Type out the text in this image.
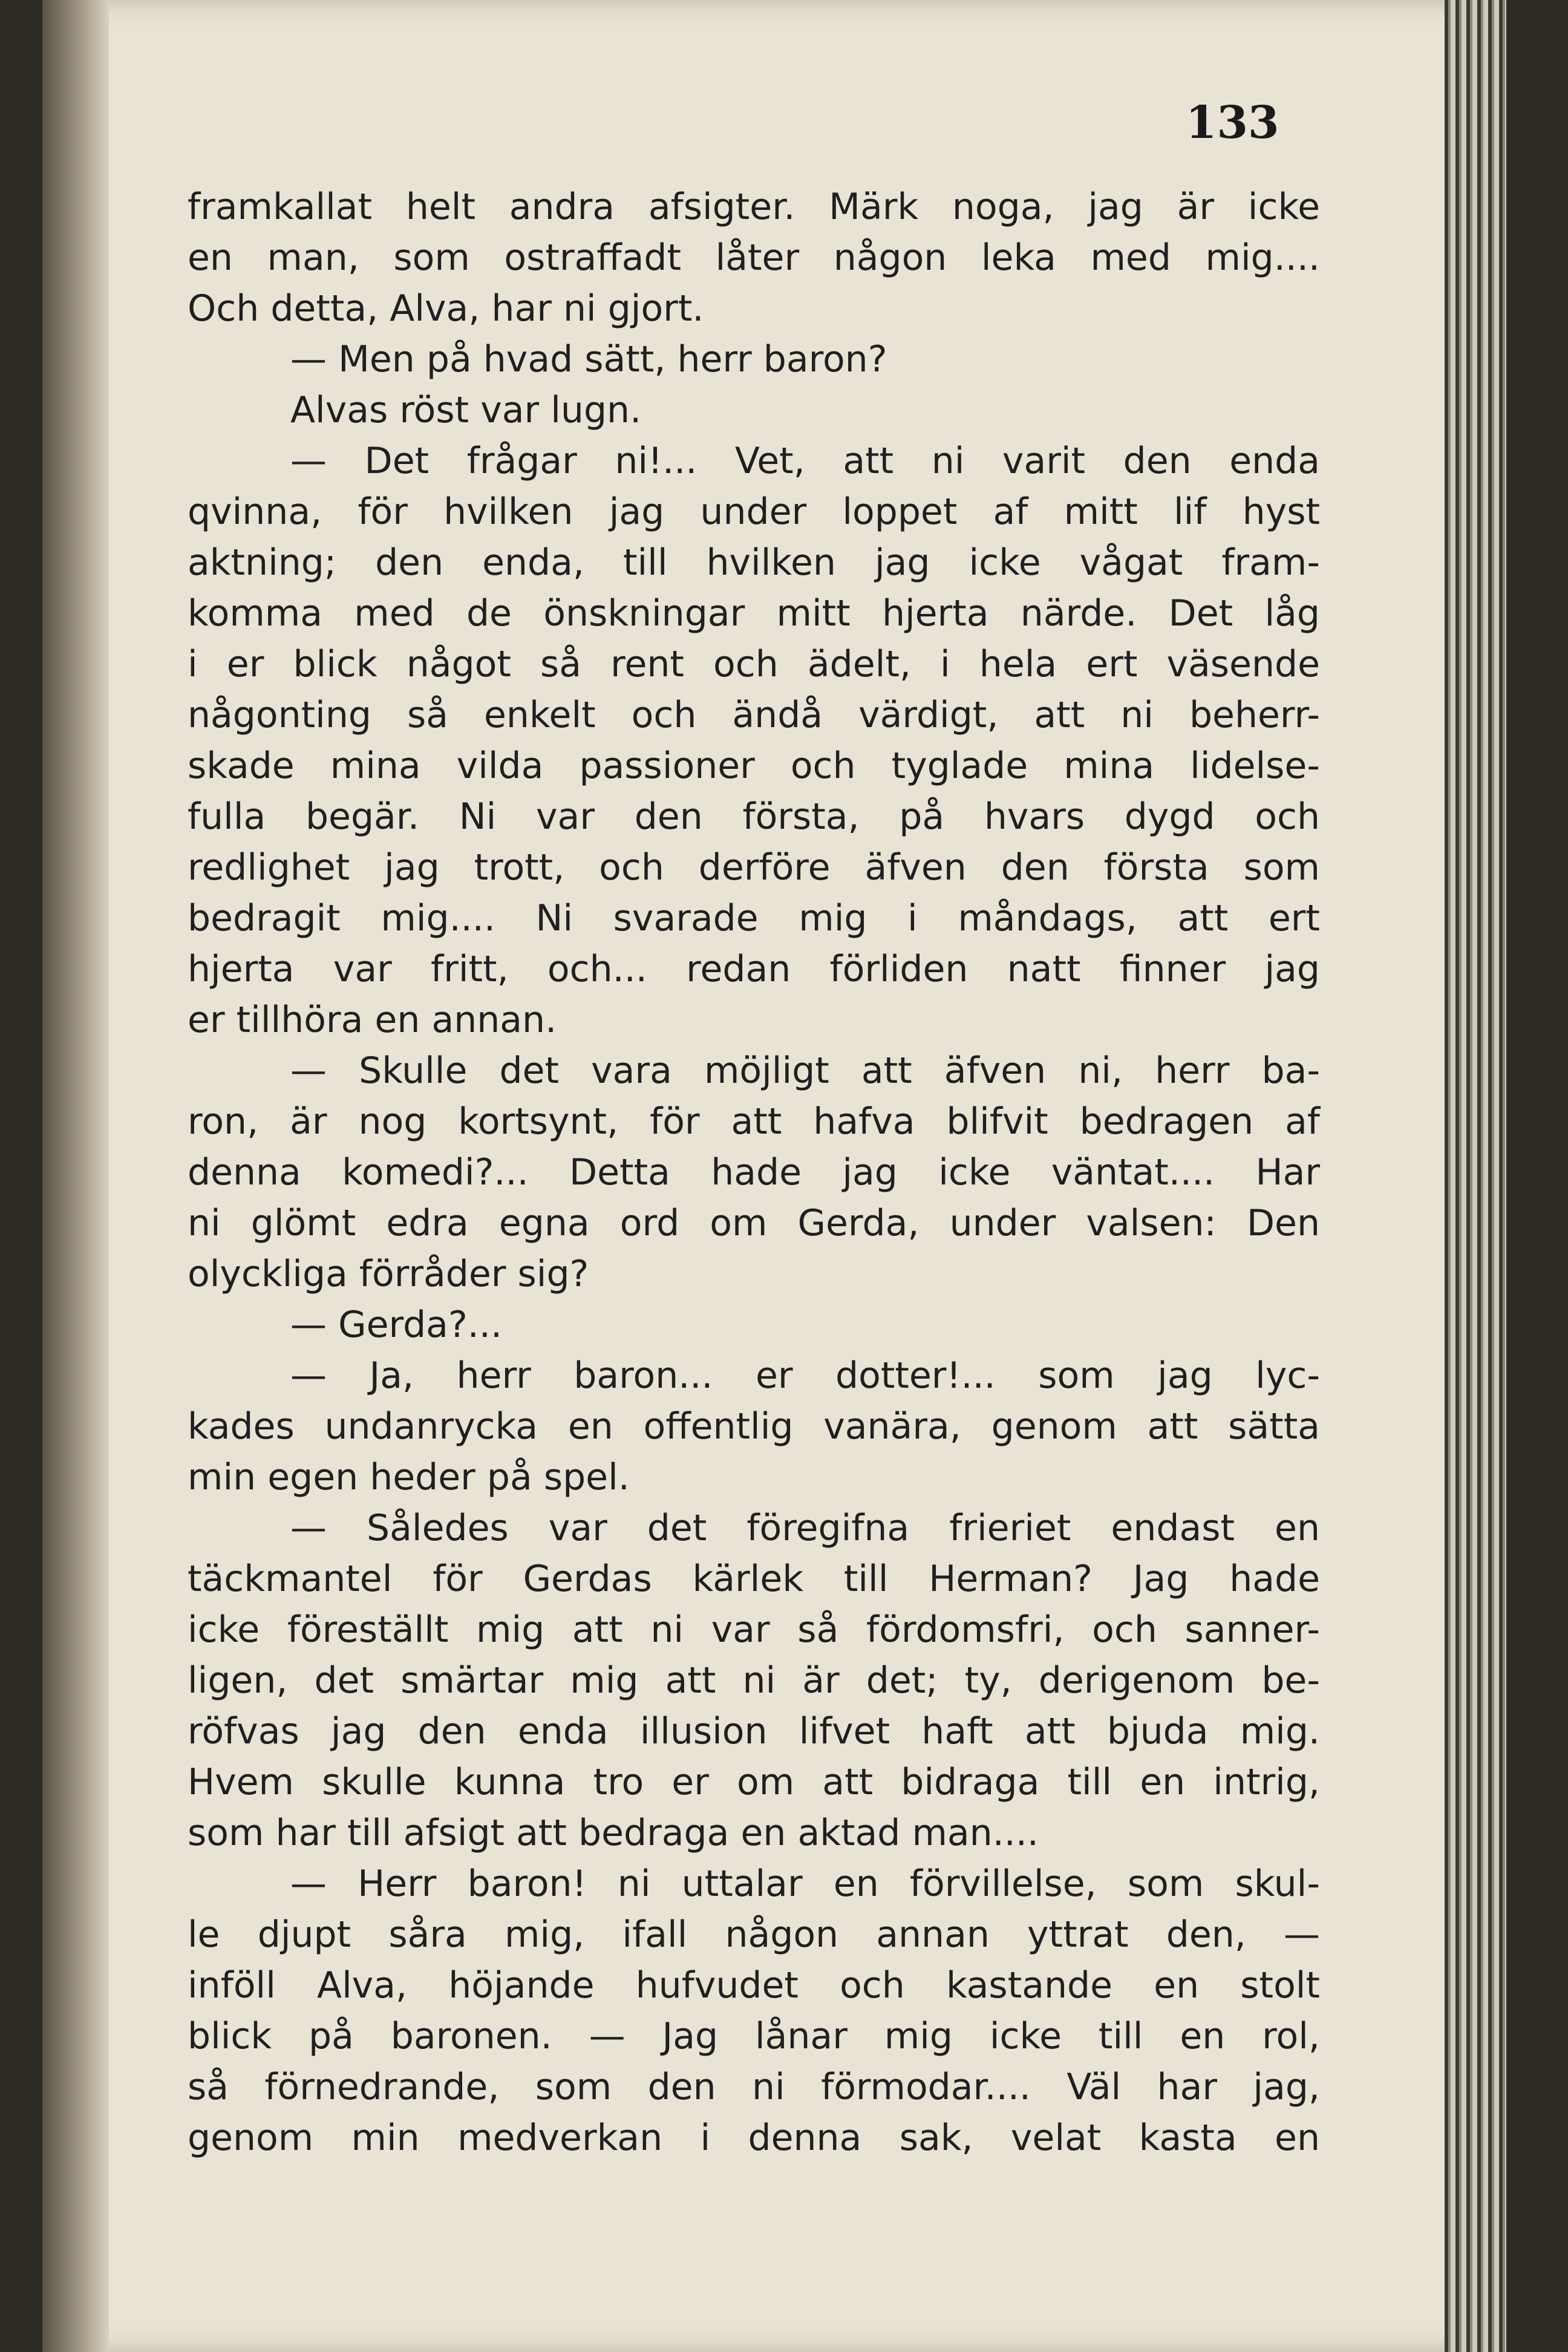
133
framkallat helt andra afsigter. Märk noga, jag är icke
en man, som ostraffadt låter någon leka med mig....
Och detta, Alva, har ni gjort.
— Men på hvad sätt, herr baron?
Alvas röst var lugn.
— Det frågar ni!... Vet, att ni varit den enda
qvinna, för hvilken jag under loppet af mitt lif hyst
aktning; den enda, till hvilken jag icke vågat fram-
komma med de önskningar mitt hjerta närde. Det låg
i er blick något så rent och ädelt, i hela ert väsende
någonting så enkelt och ändå värdigt, att ni beherr-
skade mina vilda passioner och tyglade mina lidelse-
fulla begär. Ni var den första, på hvars dygd och
redlighet jag trott, och derföre äfven den första som
bedragit mig.... Ni svarade mig i måndags, att ert
hjerta var fritt, och... redan förliden natt finner jag
er tillhöra en annan.
— Skulle det vara möjligt att äfven ni, herr ba-
ron, är nog kortsynt, för att hafva blifvit bedragen af
denna komedi?... Detta hade jag icke väntat.... Har
ni glömt edra egna ord om Gerda, under valsen: Den
olyckliga förråder sig?
— Gerda?...
— Ja, herr baron... er dotter!... som jag lyc-
kades undanrycka en offentlig vanära, genom att sätta
min egen heder på spel.
— Således var det föregifna frieriet endast en
täckmantel för Gerdas kärlek till Herman? Jag hade
icke föreställt mig att ni var så fördomsfri, och sanner-
ligen, det smärtar mig att ni är det; ty, derigenom be-
röfvas jag den enda illusion lifvet haft att bjuda mig.
Hvem skulle kunna tro er om att bidraga till en intrig,
som har till afsigt att bedraga en aktad man....
— Herr baron! ni uttalar en förvillelse, som skul-
le djupt såra mig, ifall någon annan yttrat den, —
inföll Alva, höjande hufvudet och kastande en stolt
blick på baronen. — Jag lånar mig icke till en rol,
så förnedrande, som den ni förmodar.... Väl har jag,
genom min medverkan i denna sak, velat kasta en
